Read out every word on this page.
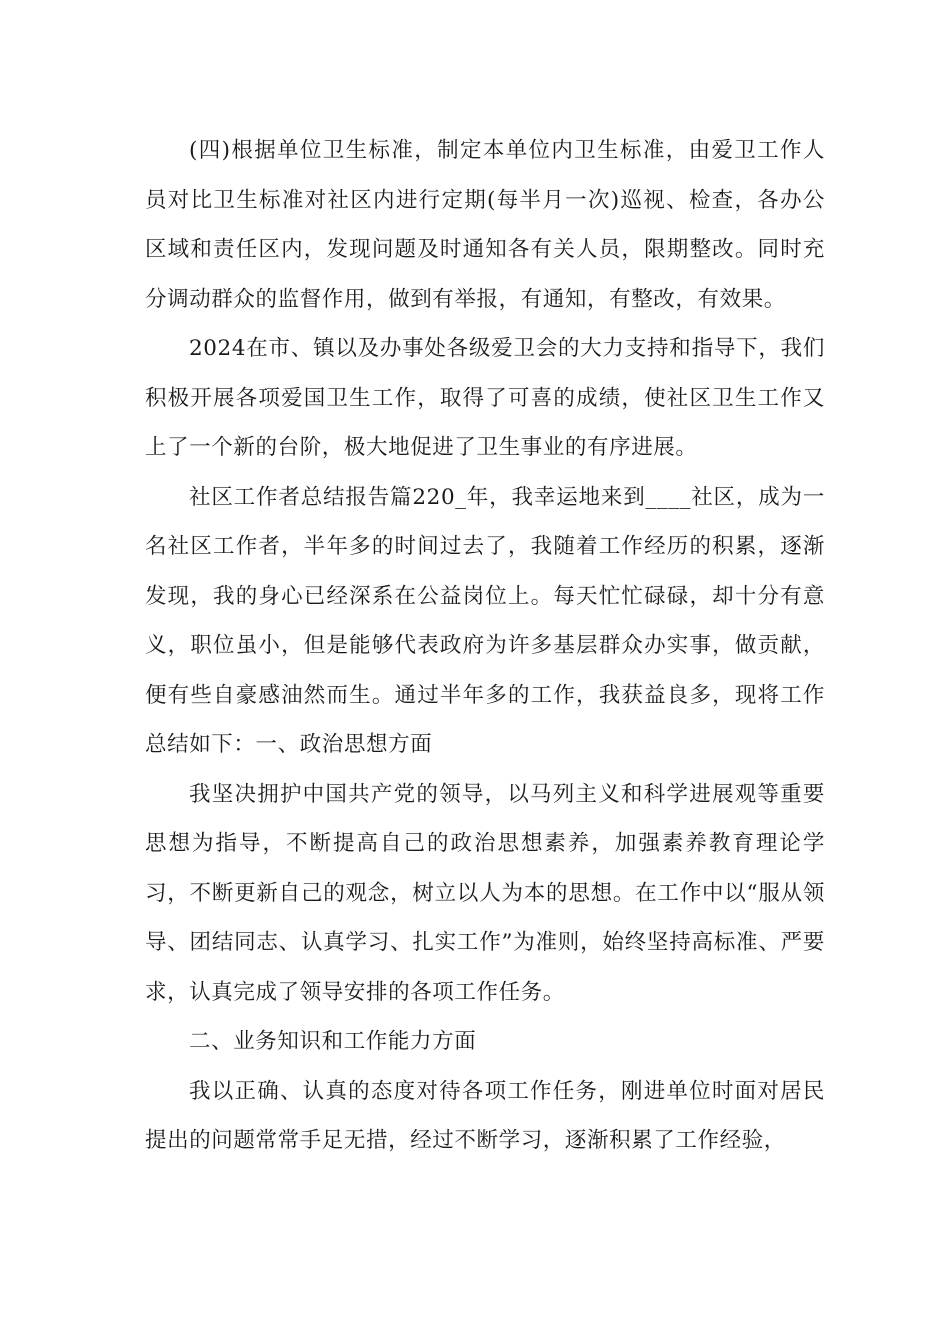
(四)根据单位卫生标准，制定本单位内卫生标准，由爱卫工作人员对比卫生标准对社区内进行定期(每半月一次)巡视、检查，各办公区域和责任区内，发现问题及时通知各有关人员，限期整改。同时充分调动群众的监督作用，做到有举报，有通知，有整改，有效果。

2024在市、镇以及办事处各级爱卫会的大力支持和指导下，我们积极开展各项爱国卫生工作，取得了可喜的成绩，使社区卫生工作又上了一个新的台阶，极大地促进了卫生事业的有序进展。

社区工作者总结报告篇220_年，我幸运地来到____社区，成为一名社区工作者，半年多的时间过去了，我随着工作经历的积累，逐渐发现，我的身心已经深系在公益岗位上。每天忙忙碌碌，却十分有意义，职位虽小，但是能够代表政府为许多基层群众办实事，做贡献，便有些自豪感油然而生。通过半年多的工作，我获益良多，现将工作总结如下：一、政治思想方面

我坚决拥护中国共产党的领导，以马列主义和科学进展观等重要思想为指导，不断提高自己的政治思想素养，加强素养教育理论学习，不断更新自己的观念，树立以人为本的思想。在工作中以“服从领导、团结同志、认真学习、扎实工作”为准则，始终坚持高标准、严要求，认真完成了领导安排的各项工作任务。

二、业务知识和工作能力方面

我以正确、认真的态度对待各项工作任务，刚进单位时面对居民提出的问题常常手足无措，经过不断学习，逐渐积累了工作经验，
